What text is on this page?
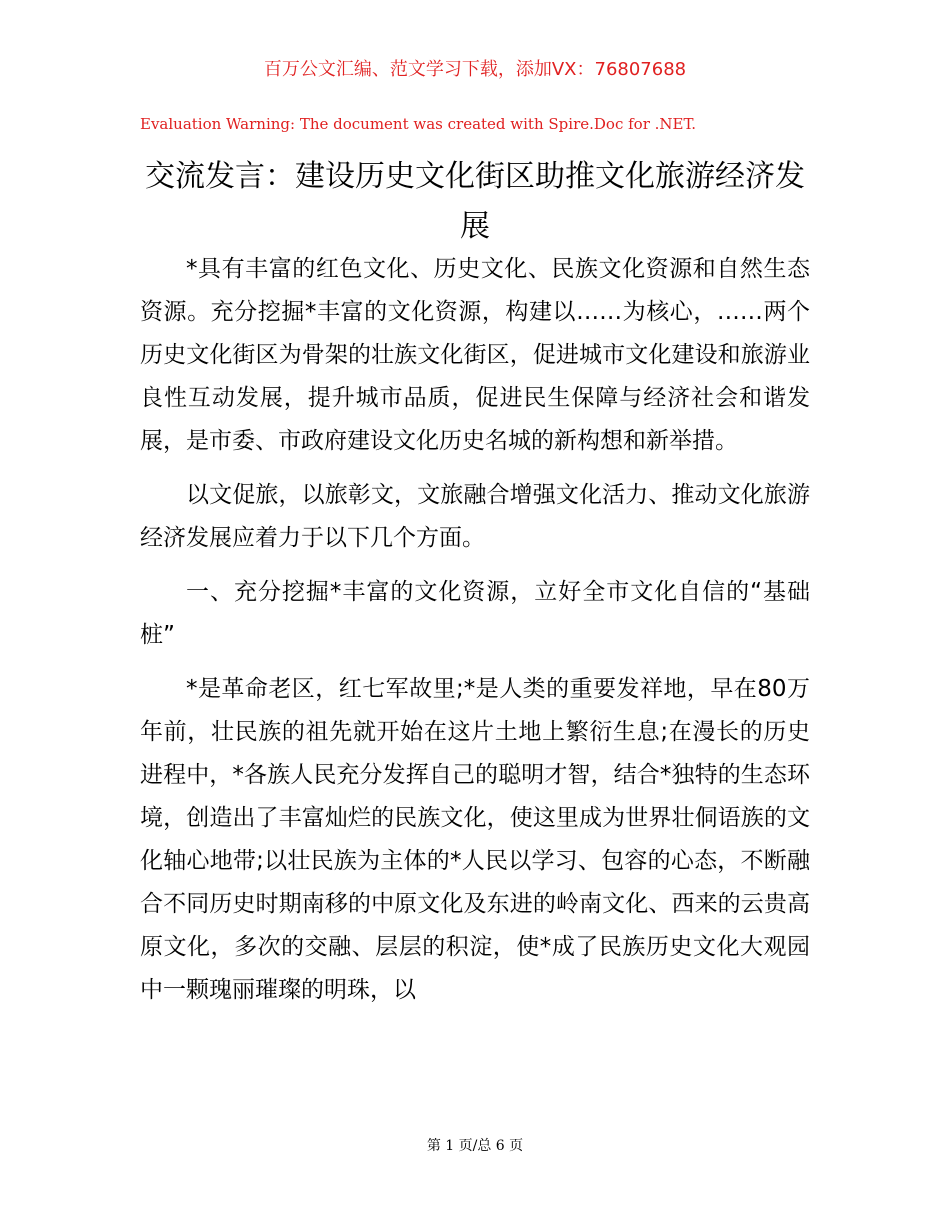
百万公文汇编、范文学习下载，添加VX：76807688
Evaluation Warning: The document was created with Spire.Doc for .NET.
交流发言：建设历史文化街区助推文化旅游经济发展

*具有丰富的红色文化、历史文化、民族文化资源和自然生态资源。充分挖掘*丰富的文化资源，构建以……为核心，……两个历史文化街区为骨架的壮族文化街区，促进城市文化建设和旅游业良性互动发展，提升城市品质，促进民生保障与经济社会和谐发展，是市委、市政府建设文化历史名城的新构想和新举措。

以文促旅，以旅彰文，文旅融合增强文化活力、推动文化旅游经济发展应着力于以下几个方面。

一、充分挖掘*丰富的文化资源，立好全市文化自信的“基础桩”

*是革命老区，红七军故里;*是人类的重要发祥地，早在80万年前，壮民族的祖先就开始在这片土地上繁衍生息;在漫长的历史进程中，*各族人民充分发挥自己的聪明才智，结合*独特的生态环境，创造出了丰富灿烂的民族文化，使这里成为世界壮侗语族的文化轴心地带;以壮民族为主体的*人民以学习、包容的心态，不断融合不同历史时期南移的中原文化及东进的岭南文化、西来的云贵高原文化，多次的交融、层层的积淀，使*成了民族历史文化大观园中一颗瑰丽璀璨的明珠，以

第 1 页/总 6 页
